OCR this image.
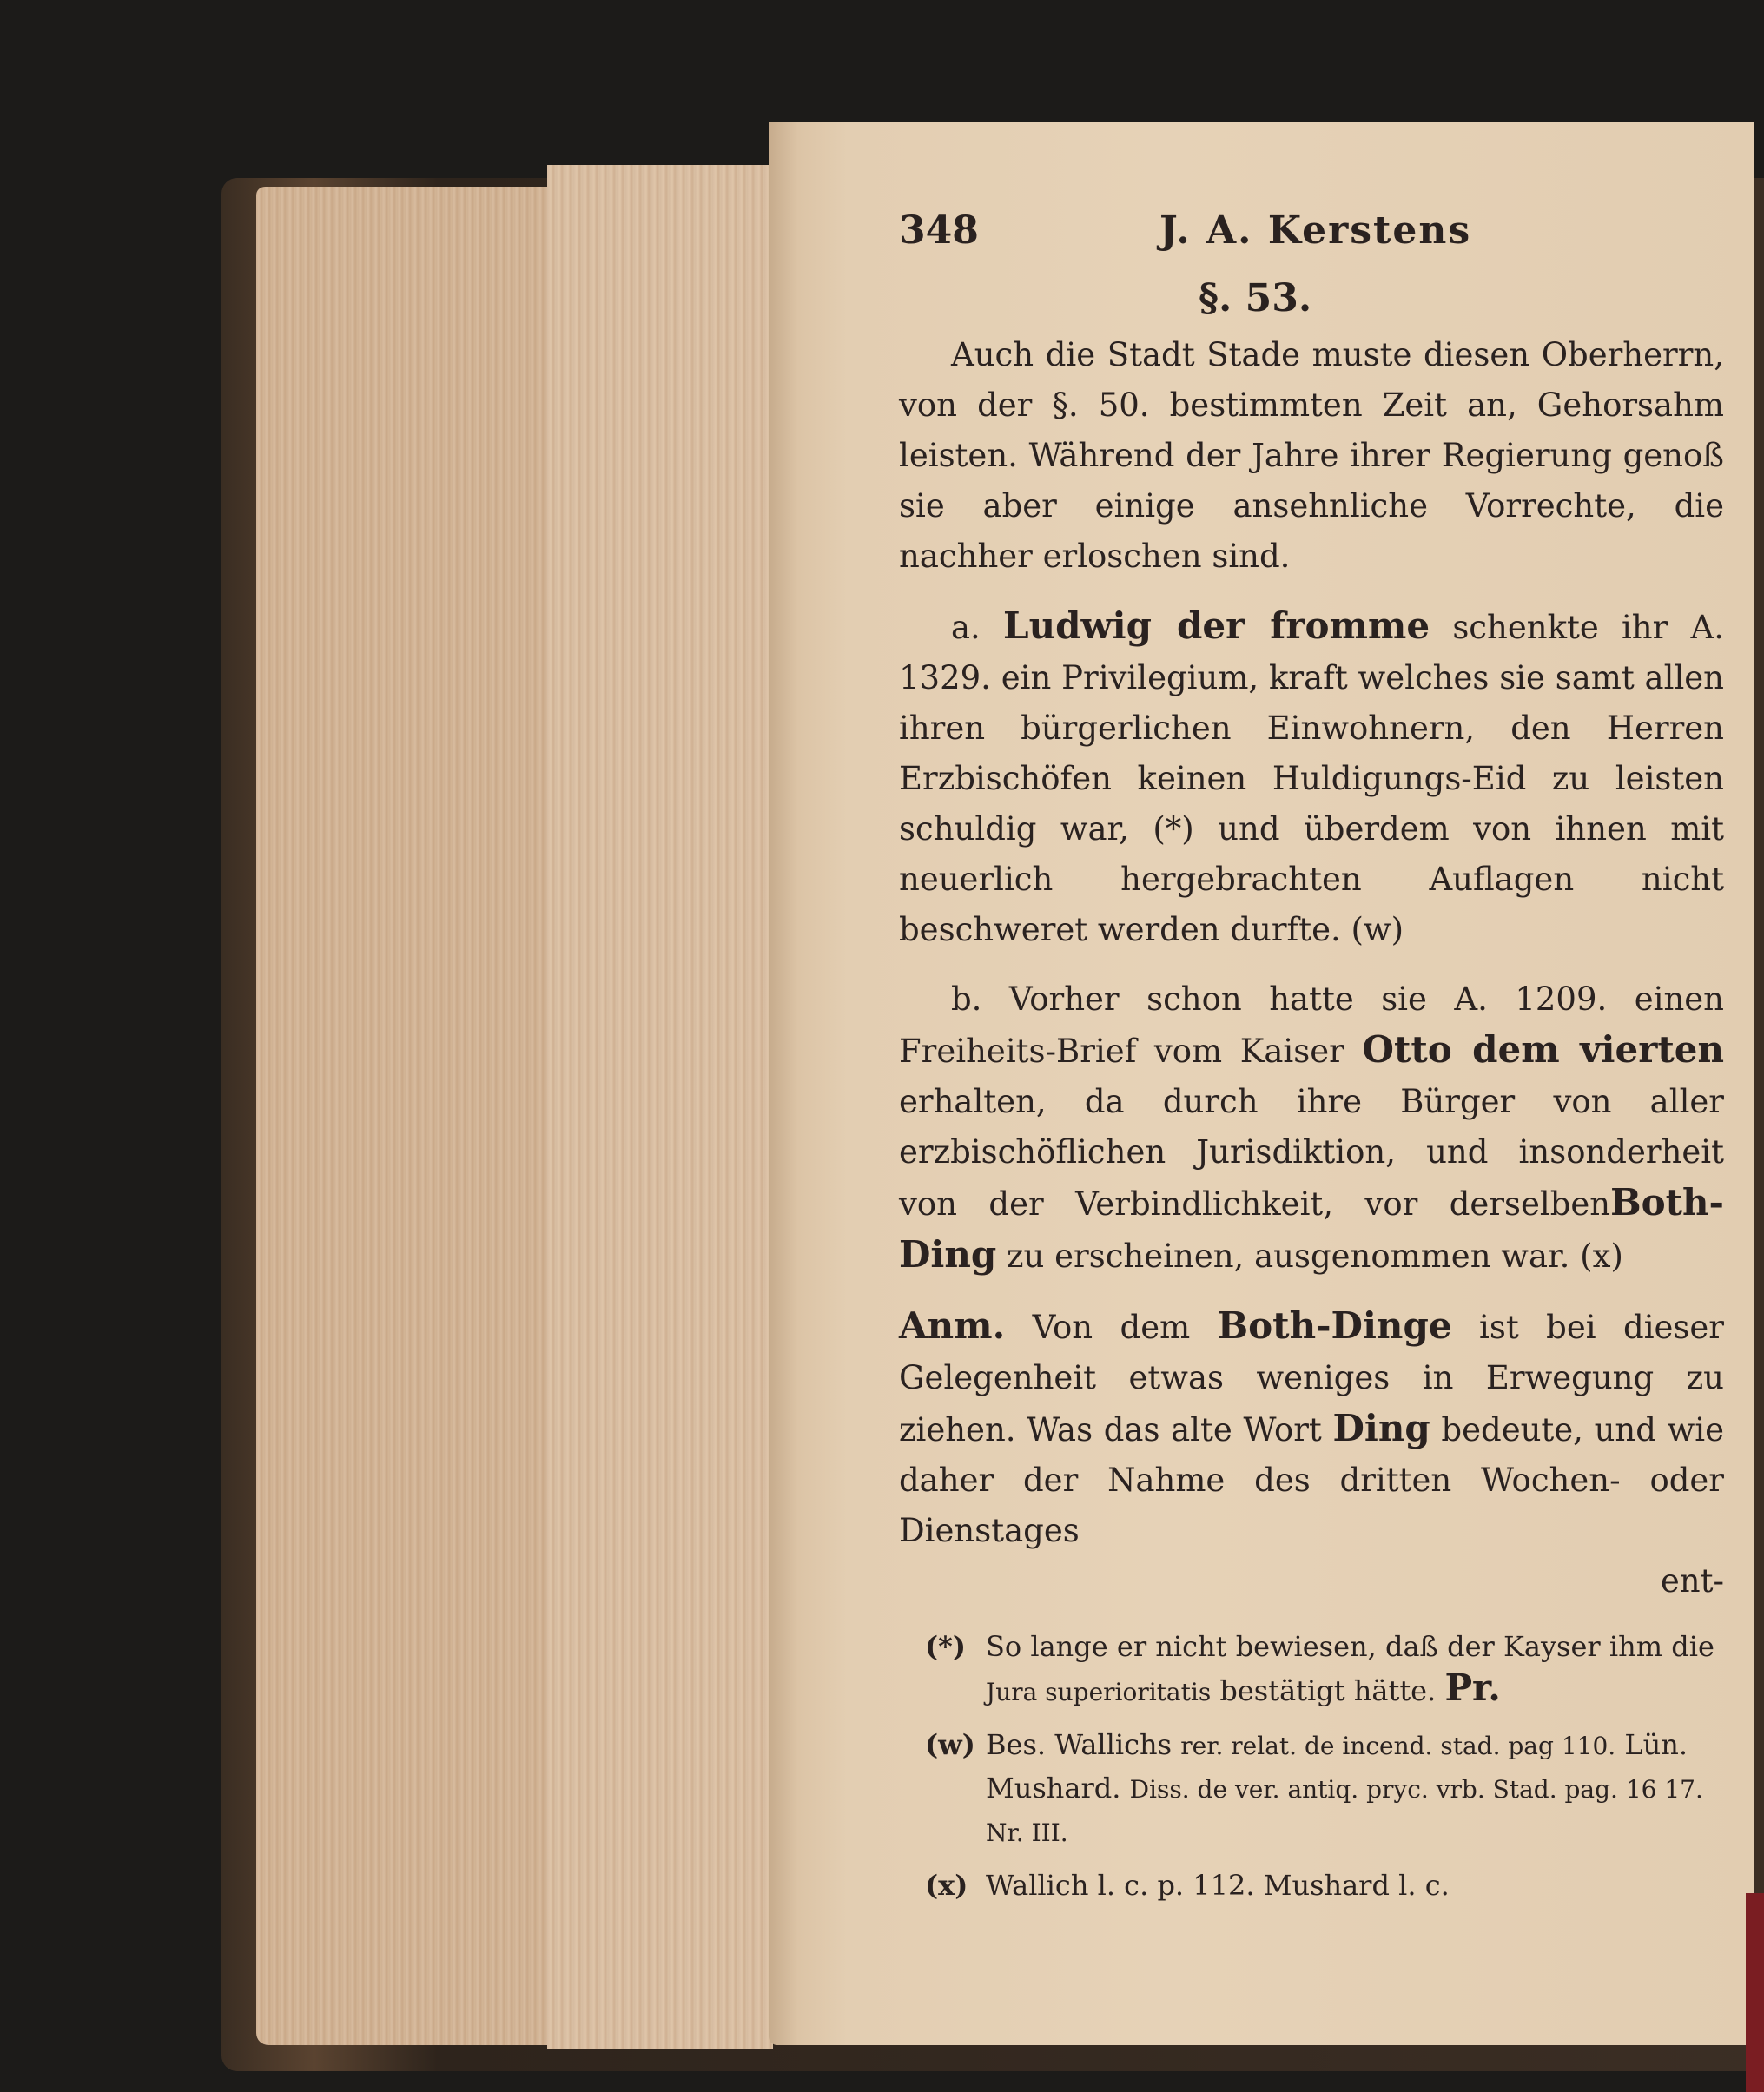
348	J. A. Kerstens
§. 53.

Auch die Stadt Stade muste diesen Oberherrn, von der §. 50. bestimmten Zeit an, Gehorsahm leisten. Während der Jahre ihrer Regierung genoß sie aber einige ansehnliche Vorrechte, die nachher erloschen sind.

a. Ludwig der fromme schenkte ihr A. 1329. ein Privilegium, kraft welches sie samt allen ihren bürgerlichen Einwohnern, den Herren Erzbischöfen keinen Huldigungs-Eid zu leisten schuldig war, (*) und überdem von ihnen mit neuerlich hergebrachten Auflagen nicht beschweret werden durfte. (w)

b. Vorher schon hatte sie A. 1209. einen Freiheits-Brief vom Kaiser Otto dem vierten erhalten, da durch ihre Bürger von aller erzbischöflichen Jurisdiktion, und insonderheit von der Verbindlichkeit, vor derselbenBoth-Ding zu erscheinen, ausgenommen war. (x)

Anm. Von dem Both-Dinge ist bei dieser Gelegenheit etwas weniges in Erwegung zu ziehen. Was das alte Wort Ding bedeute, und wie daher der Nahme des dritten Wochen- oder Dienstages

ent-
(*) So lange er nicht bewiesen, daß der Kayser ihm die Jura superioritatis bestätigt hätte. Pr.
(w) Bes. Wallichs rer. relat. de incend. stad. pag 110. Lün. Mushard. Diss. de ver. antiq. pryc. vrb. Stad. pag. 16 17. Nr. III.
(x) Wallich l. c. p. 112. Mushard l. c.
